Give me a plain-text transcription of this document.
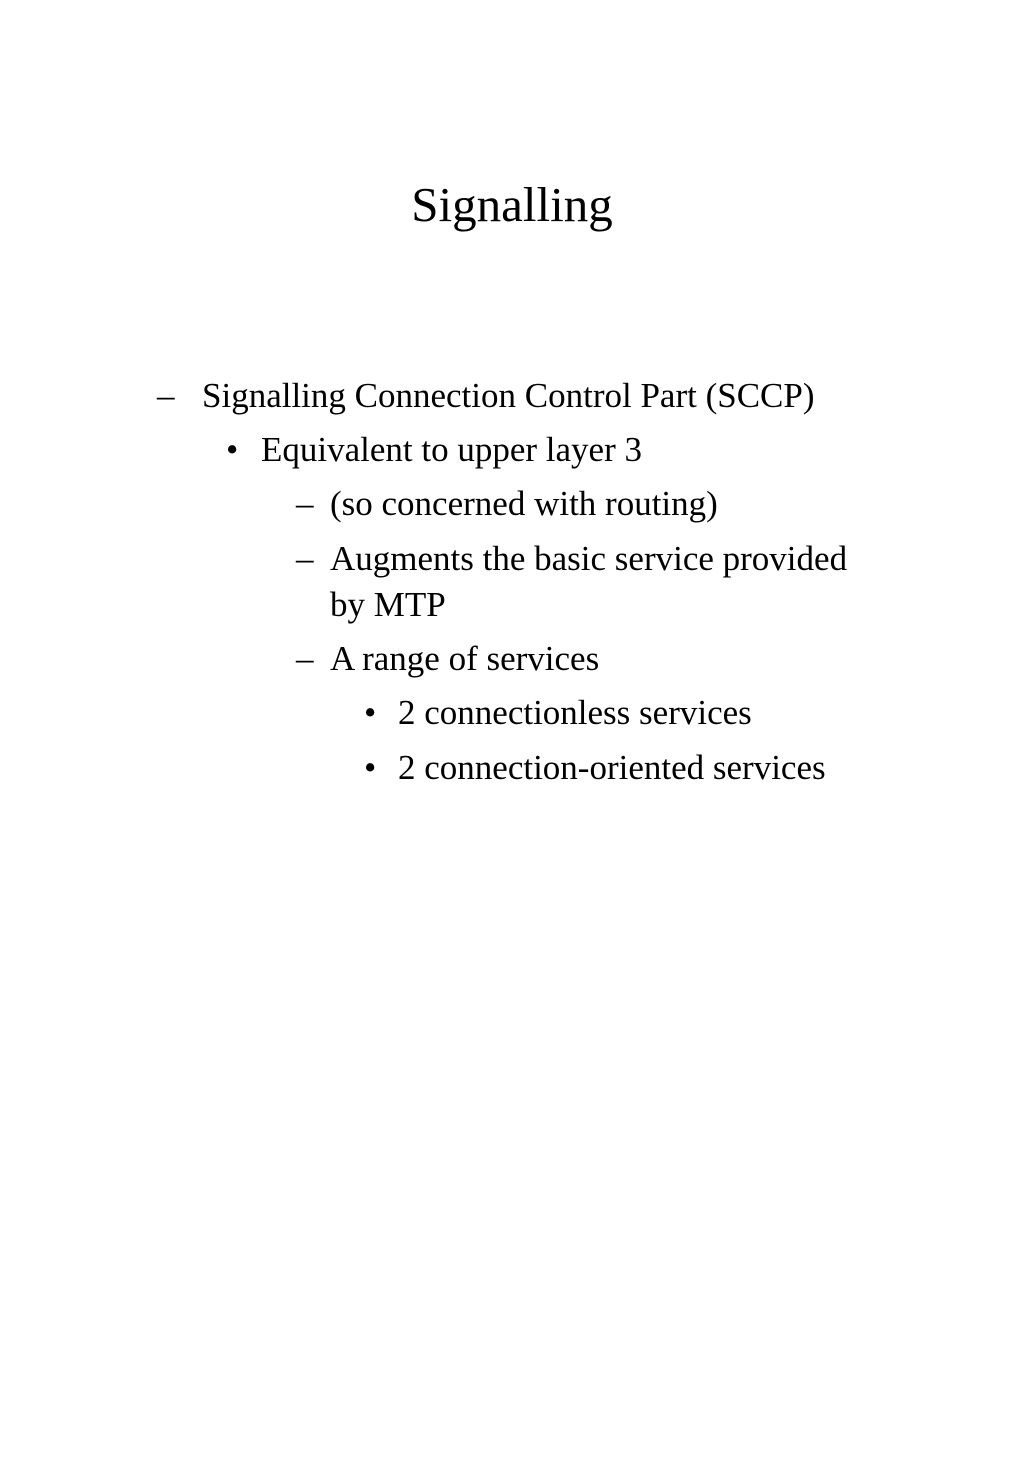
Signalling
– Signalling Connection Control Part (SCCP)
• Equivalent to upper layer 3
– (so concerned with routing)
– Augments the basic service provided
by MTP
– A range of services
• 2 connectionless services
• 2 connection-oriented services
